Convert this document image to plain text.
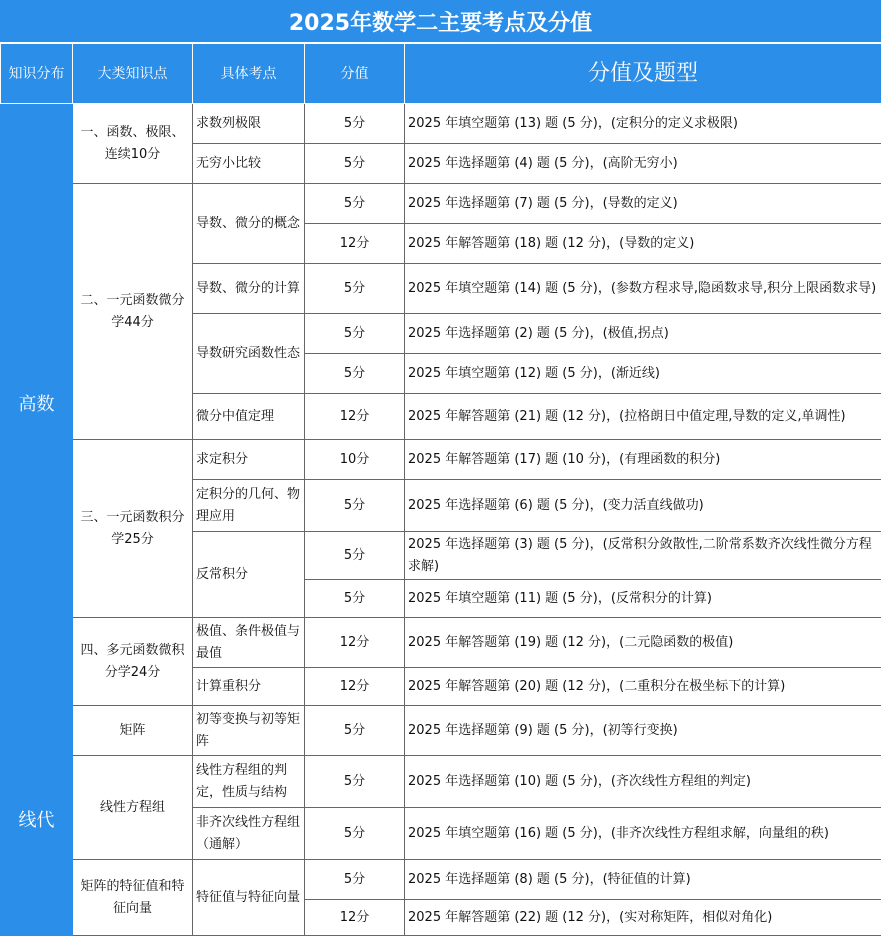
2025年数学二主要考点及分值
知识分布	大类知识点	具体考点	分值	分值及题型
高数	一、函数、极限、连续10分	求数列极限	5分	2025 年填空题第 (13) 题 (5 分)，(定积分的定义求极限)
		无穷小比较	5分	2025 年选择题第 (4) 题 (5 分)，(高阶无穷小)
	二、一元函数微分学44分	导数、微分的概念	5分	2025 年选择题第 (7) 题 (5 分)，(导数的定义)
			12分	2025 年解答题第 (18) 题 (12 分)，(导数的定义)
		导数、微分的计算	5分	2025 年填空题第 (14) 题 (5 分)，(参数方程求导,隐函数求导,积分上限函数求导)
		导数研究函数性态	5分	2025 年选择题第 (2) 题 (5 分)，(极值,拐点)
			5分	2025 年填空题第 (12) 题 (5 分)，(渐近线)
		微分中值定理	12分	2025 年解答题第 (21) 题 (12 分)，(拉格朗日中值定理,导数的定义,单调性)
	三、一元函数积分学25分	求定积分	10分	2025 年解答题第 (17) 题 (10 分)，(有理函数的积分)
		定积分的几何、物理应用	5分	2025 年选择题第 (6) 题 (5 分)，(变力活直线做功)
		反常积分	5分	2025 年选择题第 (3) 题 (5 分)，(反常积分敛散性,二阶常系数齐次线性微分方程求解)
			5分	2025 年填空题第 (11) 题 (5 分)，(反常积分的计算)
	四、多元函数微积分学24分	极值、条件极值与最值	12分	2025 年解答题第 (19) 题 (12 分)，(二元隐函数的极值)
		计算重积分	12分	2025 年解答题第 (20) 题 (12 分)，(二重积分在极坐标下的计算)
线代	矩阵	初等变换与初等矩阵	5分	2025 年选择题第 (9) 题 (5 分)，(初等行变换)
	线性方程组	线性方程组的判定，性质与结构	5分	2025 年选择题第 (10) 题 (5 分)，(齐次线性方程组的判定)
		非齐次线性方程组（通解）	5分	2025 年填空题第 (16) 题 (5 分)，(非齐次线性方程组求解，向量组的秩)
	矩阵的特征值和特征向量	特征值与特征向量	5分	2025 年选择题第 (8) 题 (5 分)，(特征值的计算)
			12分	2025 年解答题第 (22) 题 (12 分)，(实对称矩阵，相似对角化)
